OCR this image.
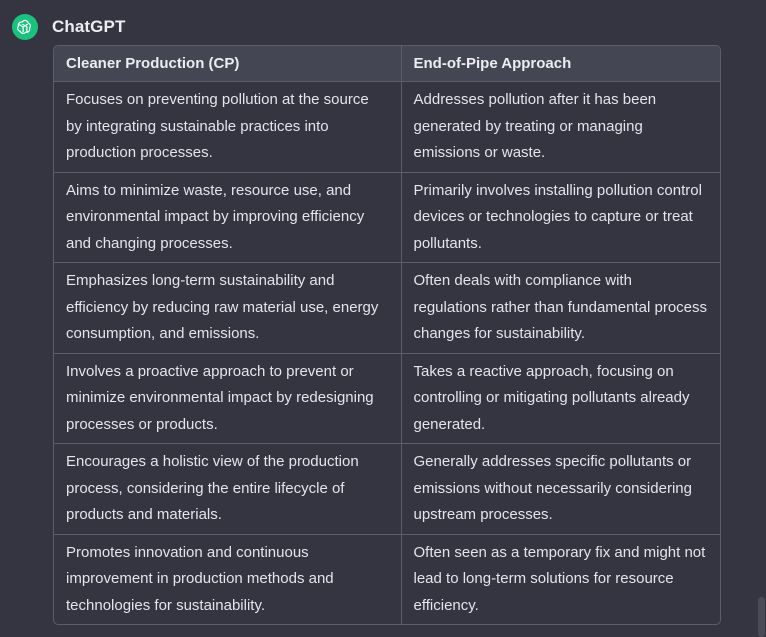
ChatGPT
Cleaner Production (CP)	End-of-Pipe Approach
Focuses on preventing pollution at the source by integrating sustainable practices into production processes.	Addresses pollution after it has been generated by treating or managing emissions or waste.
Aims to minimize waste, resource use, and environmental impact by improving efficiency and changing processes.	Primarily involves installing pollution control devices or technologies to capture or treat pollutants.
Emphasizes long-term sustainability and efficiency by reducing raw material use, energy consumption, and emissions.	Often deals with compliance with regulations rather than fundamental process changes for sustainability.
Involves a proactive approach to prevent or minimize environmental impact by redesigning processes or products.	Takes a reactive approach, focusing on controlling or mitigating pollutants already generated.
Encourages a holistic view of the production process, considering the entire lifecycle of products and materials.	Generally addresses specific pollutants or emissions without necessarily considering upstream processes.
Promotes innovation and continuous improvement in production methods and technologies for sustainability.	Often seen as a temporary fix and might not lead to long-term solutions for resource efficiency.
